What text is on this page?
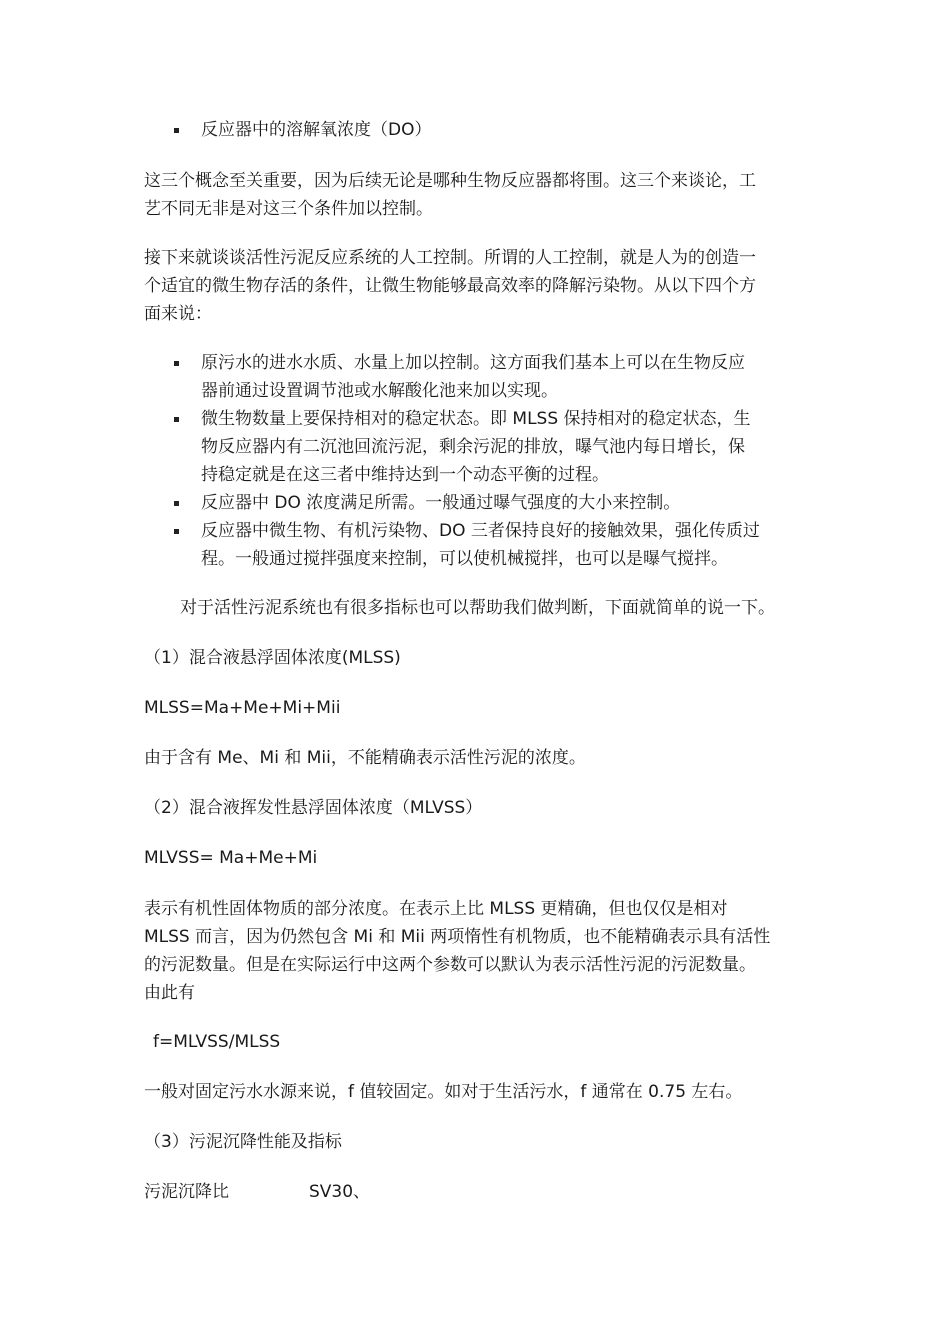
反应器中的溶解氧浓度（DO）
这三个概念至关重要，因为后续无论是哪种生物反应器都将围。这三个来谈论，工
艺不同无非是对这三个条件加以控制。
接下来就谈谈活性污泥反应系统的人工控制。所谓的人工控制，就是人为的创造一
个适宜的微生物存活的条件，让微生物能够最高效率的降解污染物。从以下四个方
面来说：
原污水的进水水质、水量上加以控制。这方面我们基本上可以在生物反应
器前通过设置调节池或水解酸化池来加以实现。
微生物数量上要保持相对的稳定状态。即 MLSS 保持相对的稳定状态，生
物反应器内有二沉池回流污泥，剩余污泥的排放，曝气池内每日增长，保
持稳定就是在这三者中维持达到一个动态平衡的过程。
反应器中 DO 浓度满足所需。一般通过曝气强度的大小来控制。
反应器中微生物、有机污染物、DO 三者保持良好的接触效果，强化传质过
程。一般通过搅拌强度来控制，可以使机械搅拌，也可以是曝气搅拌。
对于活性污泥系统也有很多指标也可以帮助我们做判断，下面就简单的说一下。
（1）混合液悬浮固体浓度(MLSS)
MLSS=Ma+Me+Mi+Mii
由于含有 Me、Mi 和 Mii，不能精确表示活性污泥的浓度。
（2）混合液挥发性悬浮固体浓度（MLVSS）
MLVSS= Ma+Me+Mi
表示有机性固体物质的部分浓度。在表示上比 MLSS 更精确，但也仅仅是相对
MLSS 而言，因为仍然包含 Mi 和 Mii 两项惰性有机物质，也不能精确表示具有活性
的污泥数量。但是在实际运行中这两个参数可以默认为表示活性污泥的污泥数量。
由此有
f=MLVSS/MLSS
一般对固定污水水源来说，f 值较固定。如对于生活污水，f 通常在 0.75 左右。
（3）污泥沉降性能及指标
污泥沉降比	SV30、
